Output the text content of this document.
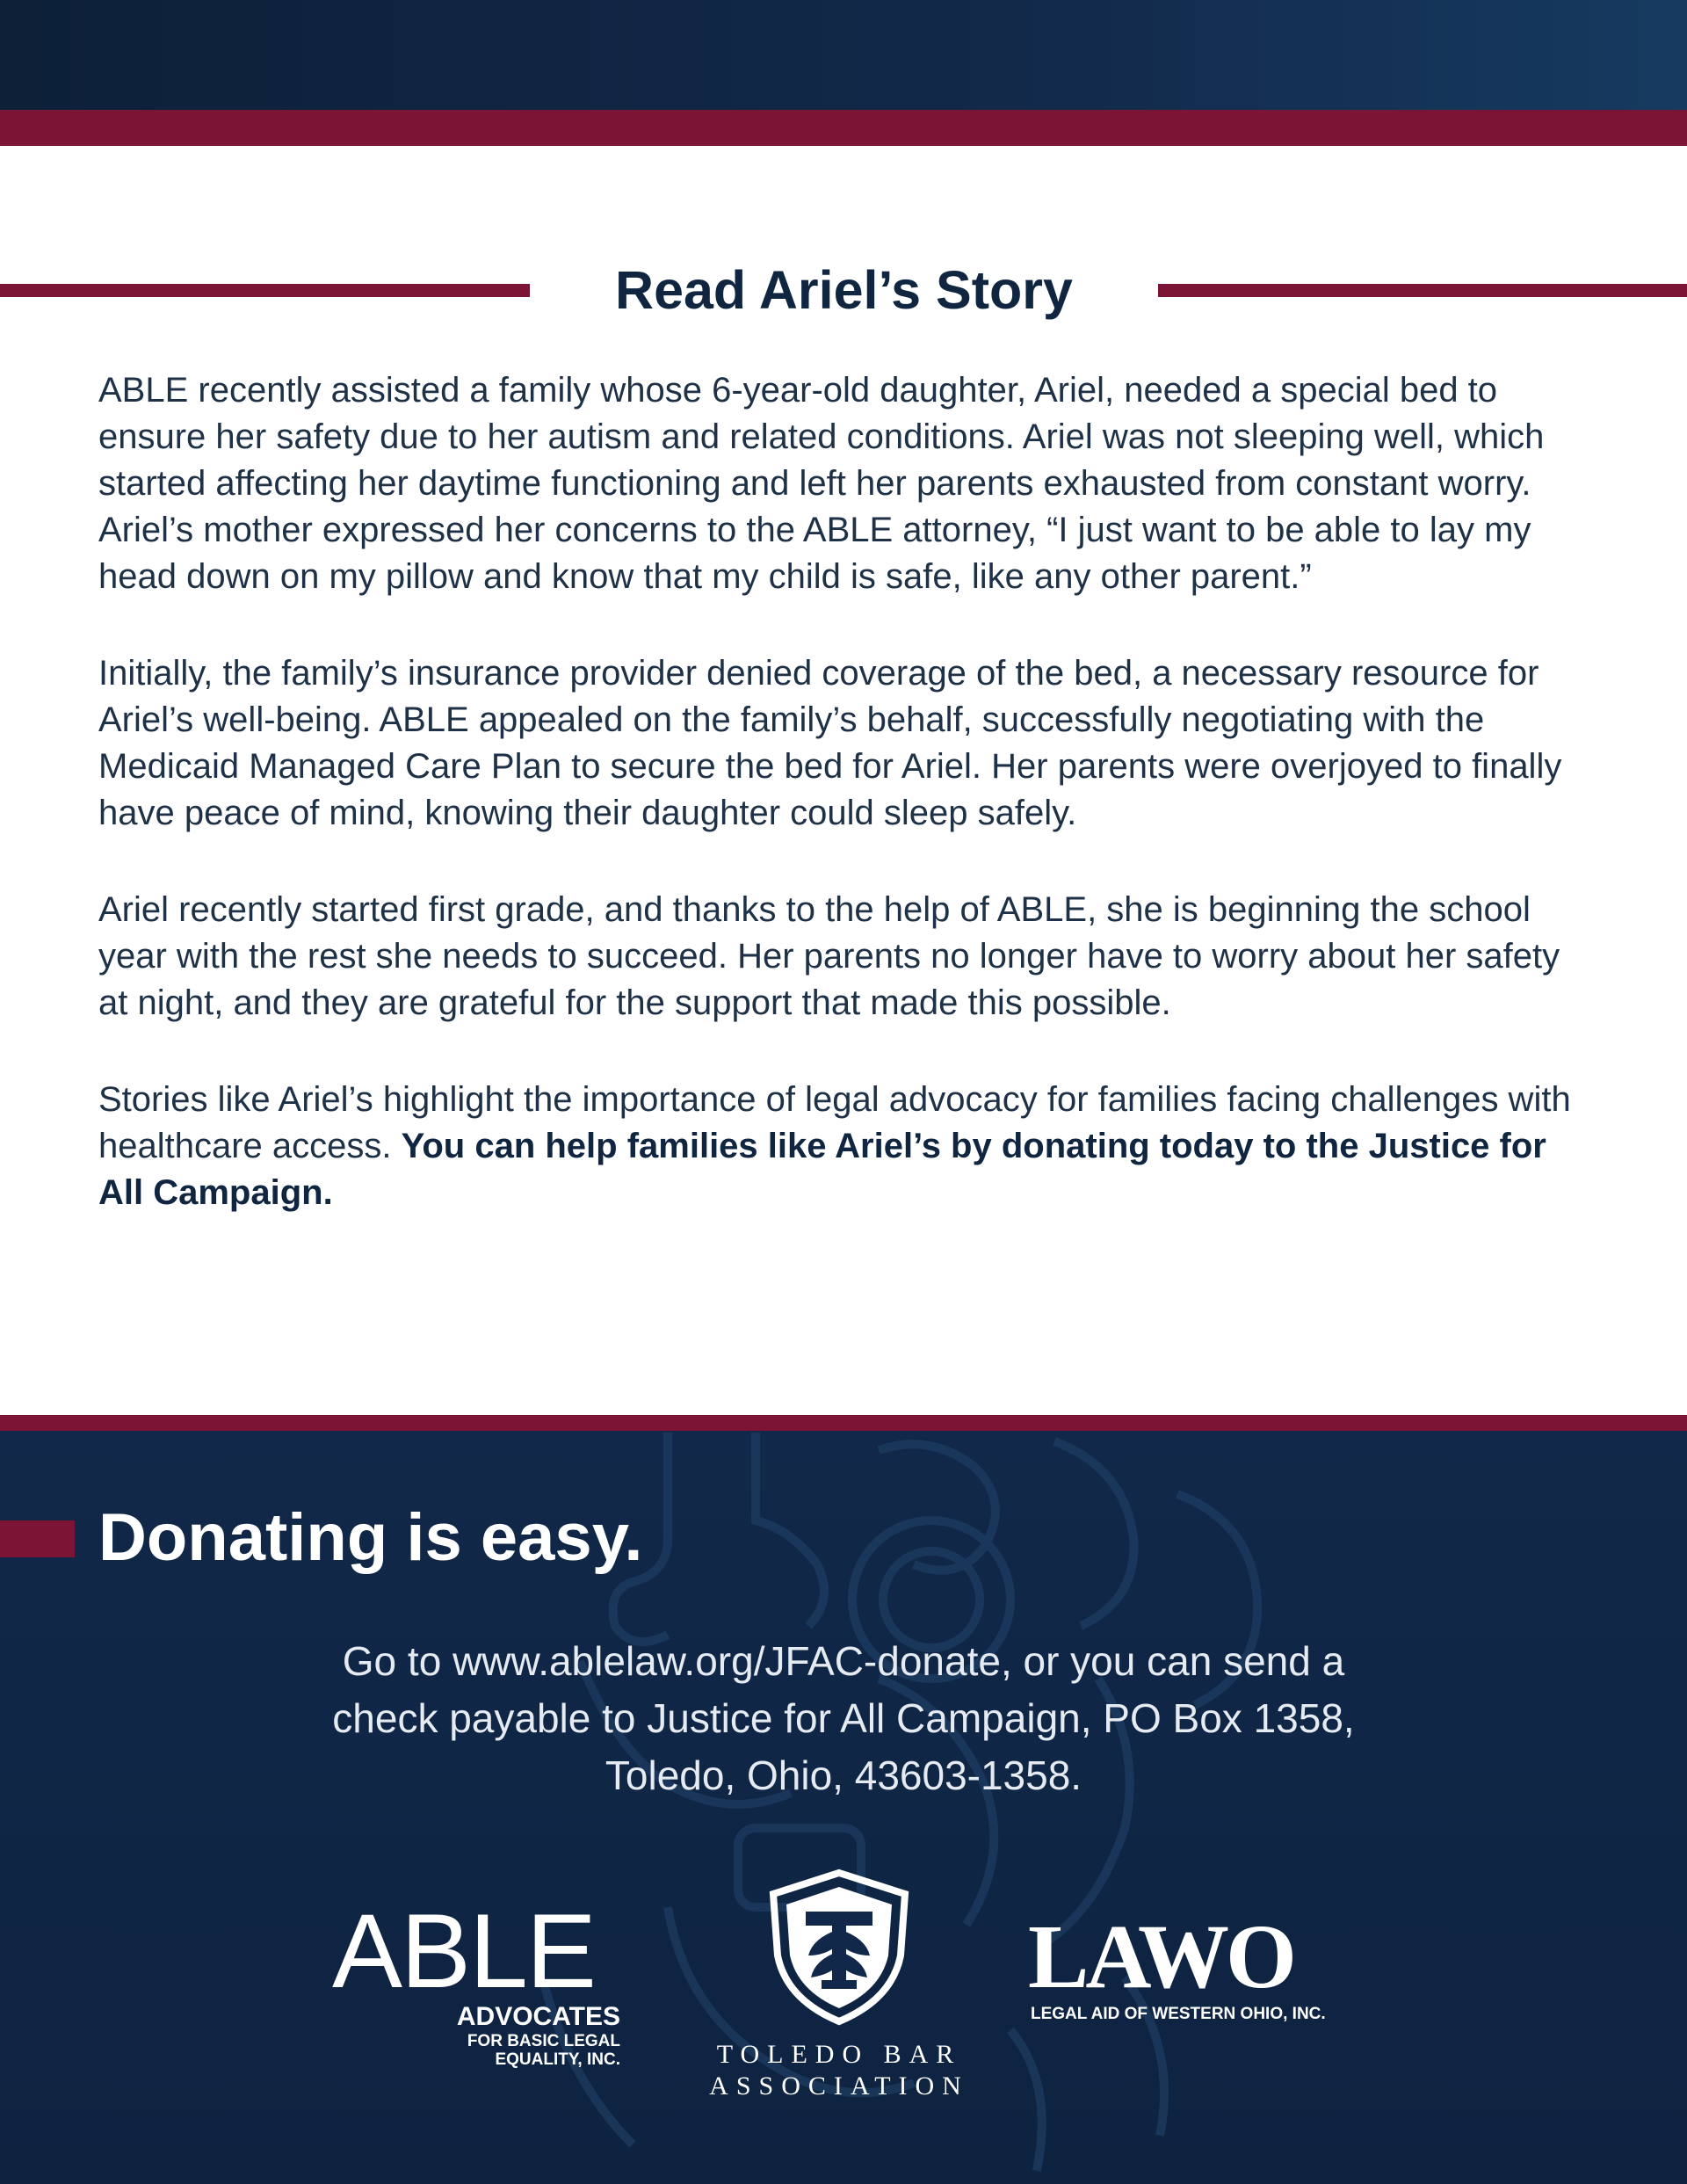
Read Ariel’s Story

ABLE recently assisted a family whose 6-year-old daughter, Ariel, needed a special bed to ensure her safety due to her autism and related conditions. Ariel was not sleeping well, which started affecting her daytime functioning and left her parents exhausted from constant worry. Ariel’s mother expressed her concerns to the ABLE attorney, “I just want to be able to lay my head down on my pillow and know that my child is safe, like any other parent.”

Initially, the family’s insurance provider denied coverage of the bed, a necessary resource for Ariel’s well-being. ABLE appealed on the family’s behalf, successfully negotiating with the Medicaid Managed Care Plan to secure the bed for Ariel. Her parents were overjoyed to finally have peace of mind, knowing their daughter could sleep safely.

Ariel recently started first grade, and thanks to the help of ABLE, she is beginning the school year with the rest she needs to succeed. Her parents no longer have to worry about her safety at night, and they are grateful for the support that made this possible.

Stories like Ariel’s highlight the importance of legal advocacy for families facing challenges with healthcare access. You can help families like Ariel’s by donating today to the Justice for All Campaign.

Donating is easy.
Go to www.ablelaw.org/JFAC-donate, or you can send a
check payable to Justice for All Campaign, PO Box 1358,
Toledo, Ohio, 43603-1358.
ABLE
ADVOCATES
FOR BASIC LEGAL
EQUALITY, INC.	TOLEDO BAR
ASSOCIATION
LAWO
LEGAL AID OF WESTERN OHIO, INC.
